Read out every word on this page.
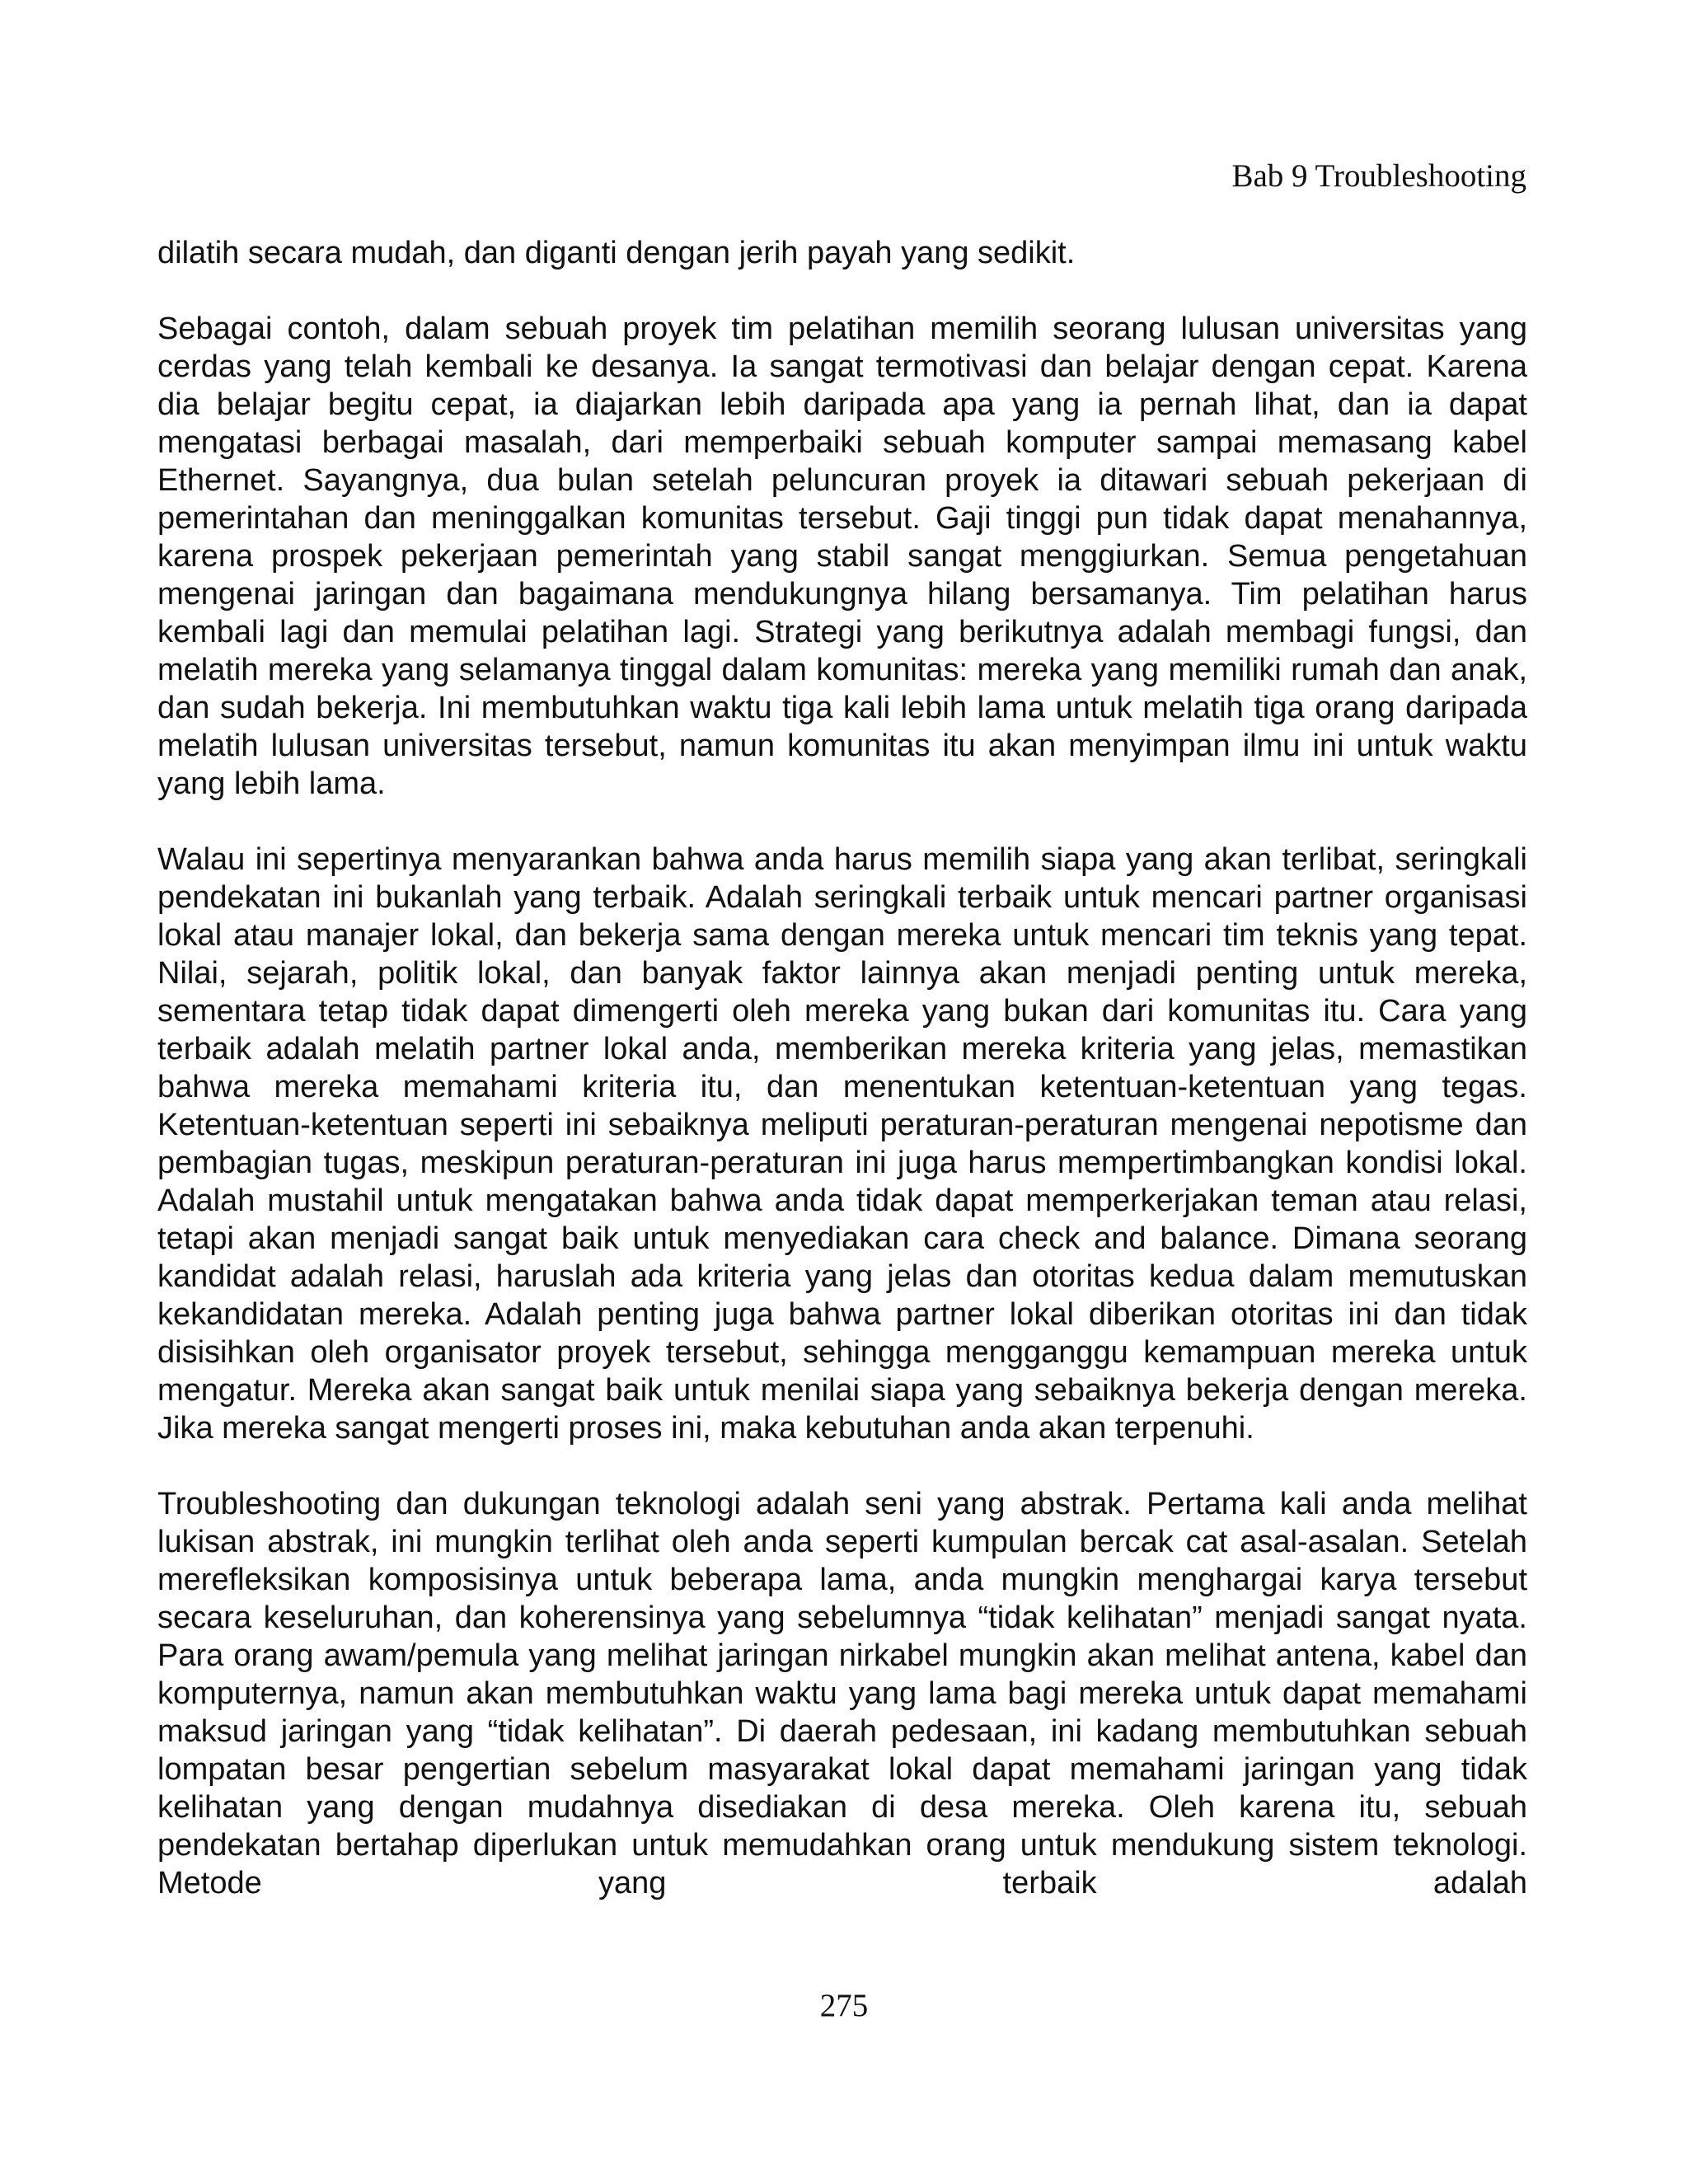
Bab 9 Troubleshooting

dilatih secara mudah, dan diganti dengan jerih payah yang sedikit.

Sebagai contoh, dalam sebuah proyek tim pelatihan memilih seorang lulusan universitas yang cerdas yang telah kembali ke desanya. Ia sangat termotivasi dan belajar dengan cepat. Karena dia belajar begitu cepat, ia diajarkan lebih daripada apa yang ia pernah lihat, dan ia dapat mengatasi berbagai masalah, dari memperbaiki sebuah komputer sampai memasang kabel Ethernet. Sayangnya, dua bulan setelah peluncuran proyek ia ditawari sebuah pekerjaan di pemerintahan dan meninggalkan komunitas tersebut. Gaji tinggi pun tidak dapat menahannya, karena prospek pekerjaan pemerintah yang stabil sangat menggiurkan. Semua pengetahuan mengenai jaringan dan bagaimana mendukungnya hilang bersamanya. Tim pelatihan harus kembali lagi dan memulai pelatihan lagi. Strategi yang berikutnya adalah membagi fungsi, dan melatih mereka yang selamanya tinggal dalam komunitas: mereka yang memiliki rumah dan anak, dan sudah bekerja. Ini membutuhkan waktu tiga kali lebih lama untuk melatih tiga orang daripada melatih lulusan universitas tersebut, namun komunitas itu akan menyimpan ilmu ini untuk waktu yang lebih lama.

Walau ini sepertinya menyarankan bahwa anda harus memilih siapa yang akan terlibat, seringkali pendekatan ini bukanlah yang terbaik. Adalah seringkali terbaik untuk mencari partner organisasi lokal atau manajer lokal, dan bekerja sama dengan mereka untuk mencari tim teknis yang tepat. Nilai, sejarah, politik lokal, dan banyak faktor lainnya akan menjadi penting untuk mereka, sementara tetap tidak dapat dimengerti oleh mereka yang bukan dari komunitas itu. Cara yang terbaik adalah melatih partner lokal anda, memberikan mereka kriteria yang jelas, memastikan bahwa mereka memahami kriteria itu, dan menentukan ketentuan-ketentuan yang tegas. Ketentuan-ketentuan seperti ini sebaiknya meliputi peraturan-peraturan mengenai nepotisme dan pembagian tugas, meskipun peraturan-peraturan ini juga harus mempertimbangkan kondisi lokal. Adalah mustahil untuk mengatakan bahwa anda tidak dapat memperkerjakan teman atau relasi, tetapi akan menjadi sangat baik untuk menyediakan cara check and balance. Dimana seorang kandidat adalah relasi, haruslah ada kriteria yang jelas dan otoritas kedua dalam memutuskan kekandidatan mereka. Adalah penting juga bahwa partner lokal diberikan otoritas ini dan tidak disisihkan oleh organisator proyek tersebut, sehingga mengganggu kemampuan mereka untuk mengatur. Mereka akan sangat baik untuk menilai siapa yang sebaiknya bekerja dengan mereka. Jika mereka sangat mengerti proses ini, maka kebutuhan anda akan terpenuhi.

Troubleshooting dan dukungan teknologi adalah seni yang abstrak. Pertama kali anda melihat lukisan abstrak, ini mungkin terlihat oleh anda seperti kumpulan bercak cat asal-asalan. Setelah merefleksikan komposisinya untuk beberapa lama, anda mungkin menghargai karya tersebut secara keseluruhan, dan koherensinya yang sebelumnya “tidak kelihatan” menjadi sangat nyata. Para orang awam/pemula yang melihat jaringan nirkabel mungkin akan melihat antena, kabel dan komputernya, namun akan membutuhkan waktu yang lama bagi mereka untuk dapat memahami maksud jaringan yang “tidak kelihatan”. Di daerah pedesaan, ini kadang membutuhkan sebuah lompatan besar pengertian sebelum masyarakat lokal dapat memahami jaringan yang tidak kelihatan yang dengan mudahnya disediakan di desa mereka. Oleh karena itu, sebuah pendekatan bertahap diperlukan untuk memudahkan orang untuk mendukung sistem teknologi. Metode yang terbaik adalah

275
